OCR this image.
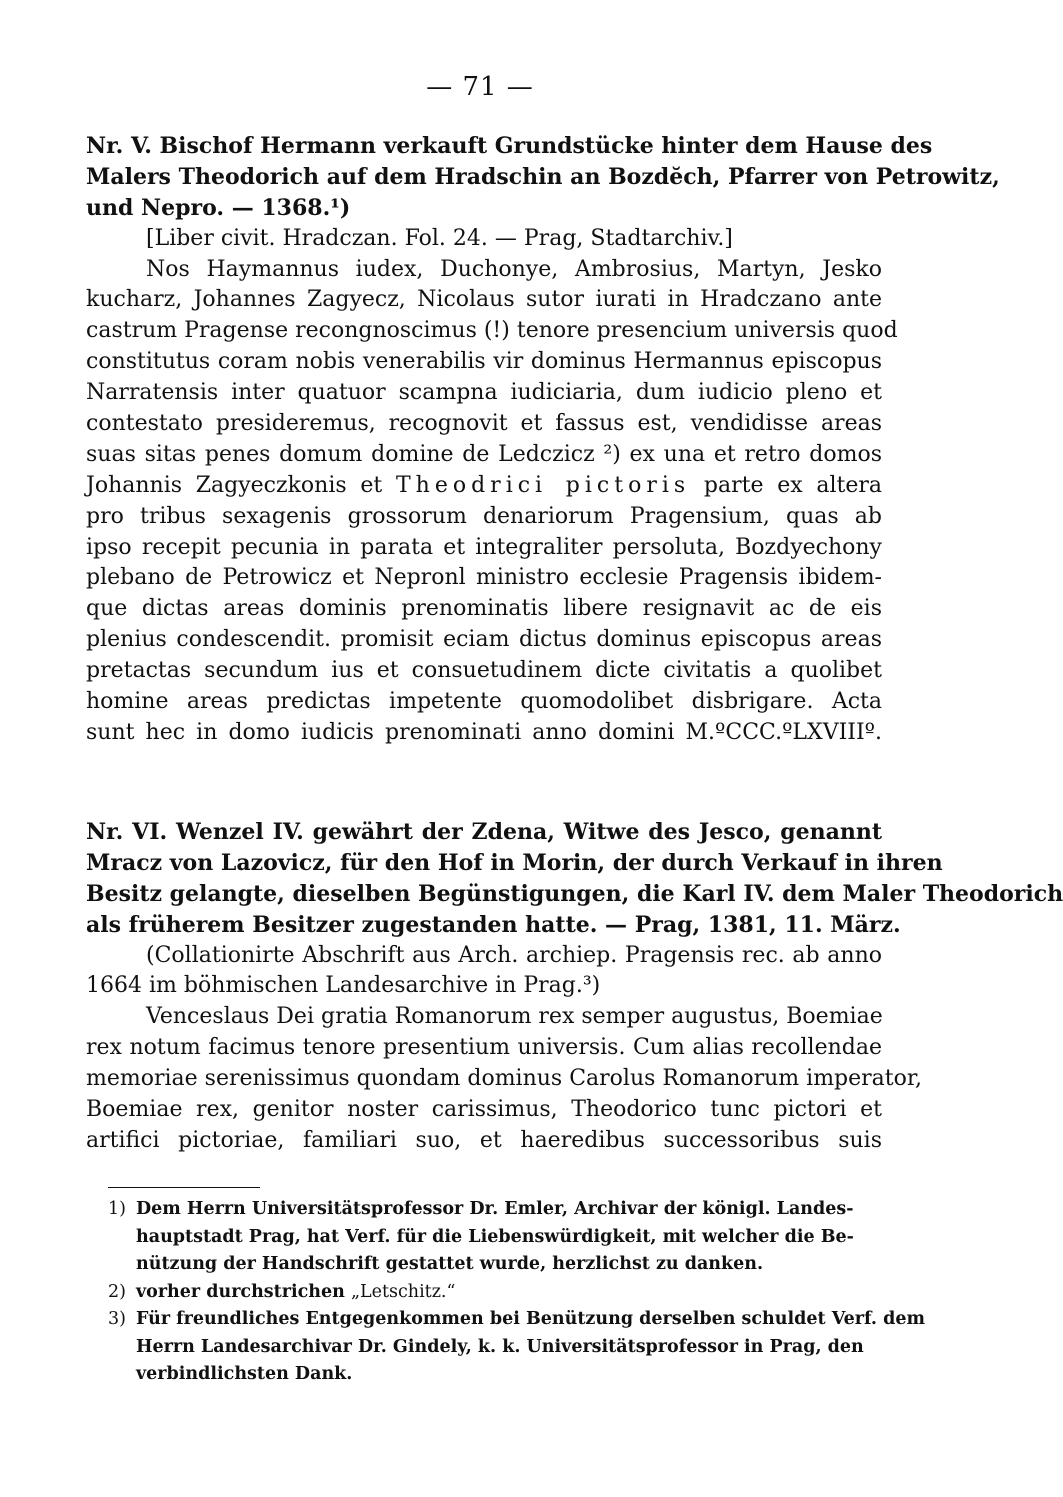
— 71 —
Nr. V. Bischof Hermann verkauft Grundstücke hinter dem Hause des
Malers Theodorich auf dem Hradschin an Bozdĕch, Pfarrer von Petrowitz,
und Nepro. — 1368.¹)
[Liber civit. Hradczan. Fol. 24. — Prag, Stadtarchiv.]
Nos Haymannus iudex, Duchonye, Ambrosius, Martyn, Jesko
kucharz, Johannes Zagyecz, Nicolaus sutor iurati in Hradczano ante
castrum Pragense recongnoscimus (!) tenore presencium universis quod
constitutus coram nobis venerabilis vir dominus Hermannus episcopus
Narratensis inter quatuor scampna iudiciaria, dum iudicio pleno et
contestato presideremus, recognovit et fassus est, vendidisse areas
suas sitas penes domum domine de Ledczicz ²) ex una et retro domos
Johannis Zagyeczkonis et Theodrici pictoris parte ex altera
pro tribus sexagenis grossorum denariorum Pragensium, quas ab
ipso recepit pecunia in parata et integraliter persoluta, Bozdyechony
plebano de Petrowicz et Nepronl ministro ecclesie Pragensis ibidem-
que dictas areas dominis prenominatis libere resignavit ac de eis
plenius condescendit. promisit eciam dictus dominus episcopus areas
pretactas secundum ius et consuetudinem dicte civitatis a quolibet
homine areas predictas impetente quomodolibet disbrigare. Acta
sunt hec in domo iudicis prenominati anno domini M.ºCCC.ºLXVIIIº.
Nr. VI. Wenzel IV. gewährt der Zdena, Witwe des Jesco, genannt
Mracz von Lazovicz, für den Hof in Morin, der durch Verkauf in ihren
Besitz gelangte, dieselben Begünstigungen, die Karl IV. dem Maler Theodorich
als früherem Besitzer zugestanden hatte. — Prag, 1381, 11. März.
(Collationirte Abschrift aus Arch. archiep. Pragensis rec. ab anno
1664 im böhmischen Landesarchive in Prag.³)
Venceslaus Dei gratia Romanorum rex semper augustus, Boemiae
rex notum facimus tenore presentium universis. Cum alias recollendae
memoriae serenissimus quondam dominus Carolus Romanorum imperator,
Boemiae rex, genitor noster carissimus, Theodorico tunc pictori et
artifici pictoriae, familiari suo, et haeredibus successoribus suis
1) Dem Herrn Universitätsprofessor Dr. Emler, Archivar der königl. Landes-
hauptstadt Prag, hat Verf. für die Liebenswürdigkeit, mit welcher die Be-
nützung der Handschrift gestattet wurde, herzlichst zu danken.
2) vorher durchstrichen „Letschitz.“
3) Für freundliches Entgegenkommen bei Benützung derselben schuldet Verf. dem
Herrn Landesarchivar Dr. Gindely, k. k. Universitätsprofessor in Prag, den
verbindlichsten Dank.
